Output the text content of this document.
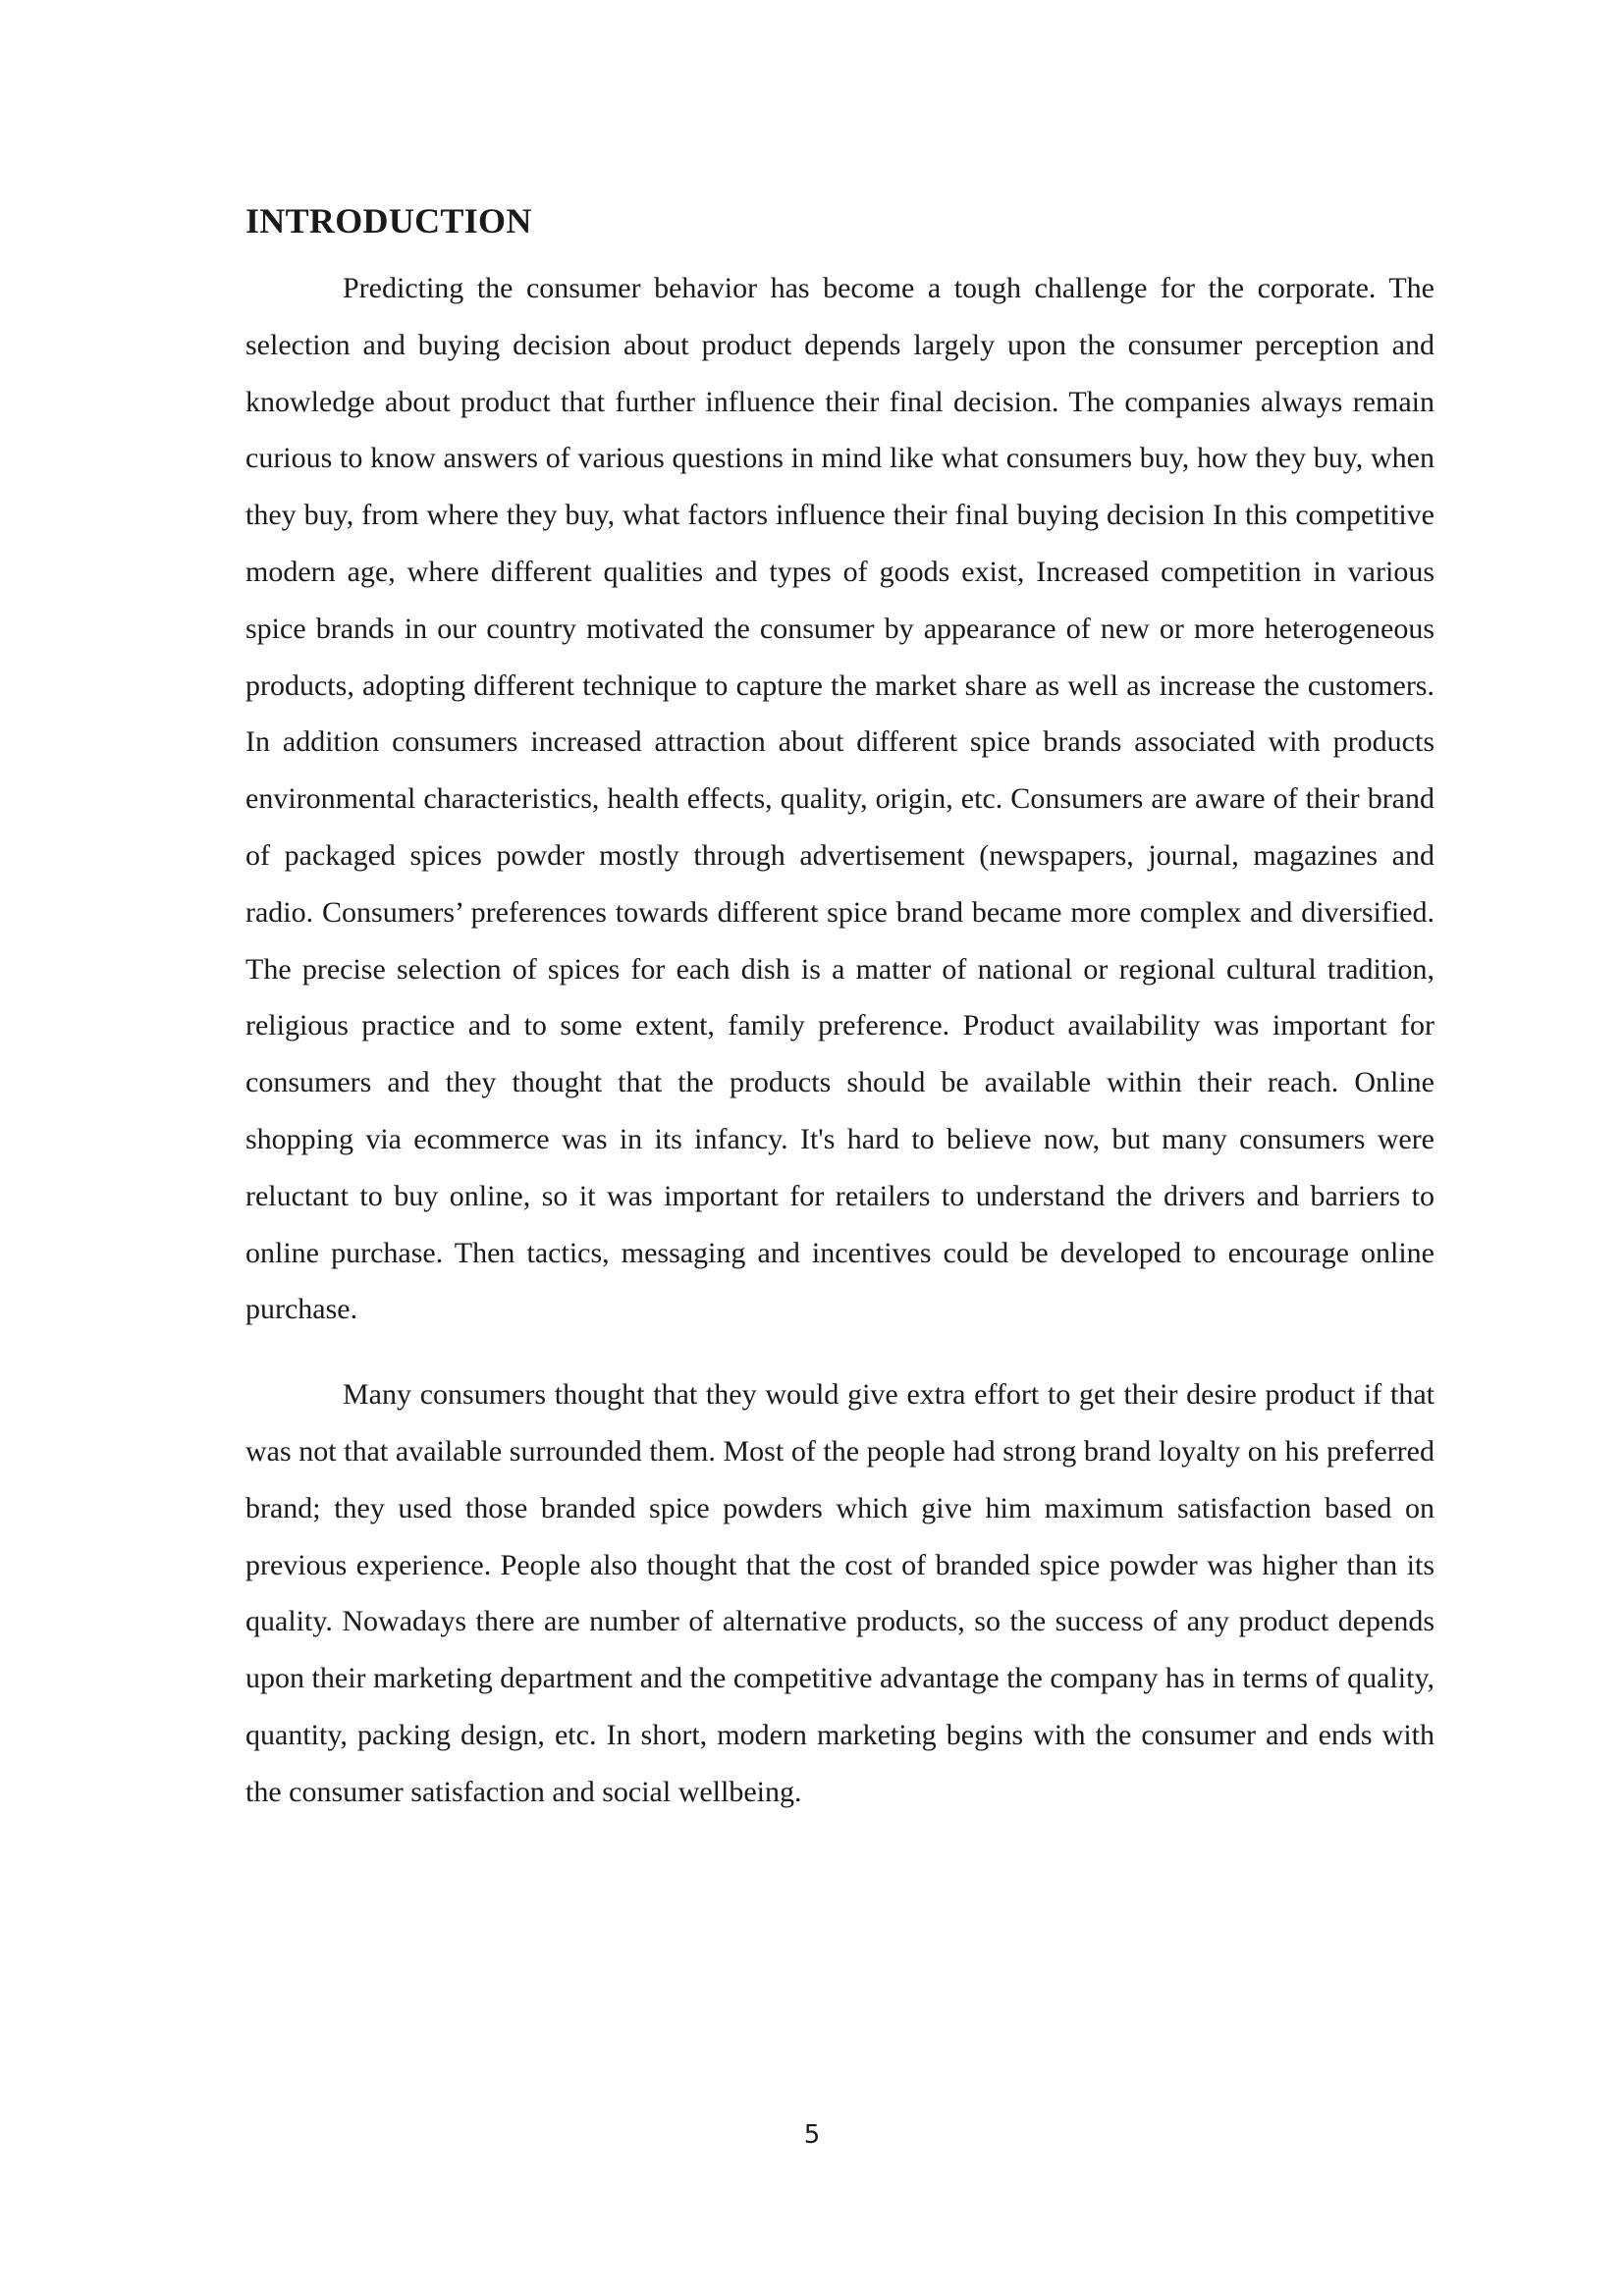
INTRODUCTION

Predicting the consumer behavior has become a tough challenge for the corporate. The selection and buying decision about product depends largely upon the consumer perception and knowledge about product that further influence their final decision. The companies always remain curious to know answers of various questions in mind like what consumers buy, how they buy, when they buy, from where they buy, what factors influence their final buying decision In this competitive modern age, where different qualities and types of goods exist, Increased competition in various spice brands in our country motivated the consumer by appearance of new or more heterogeneous products, adopting different technique to capture the market share as well as increase the customers. In addition consumers increased attraction about different spice brands associated with products environmental characteristics, health effects, quality, origin, etc. Consumers are aware of their brand of packaged spices powder mostly through advertisement (newspapers, journal, magazines and radio. Consumers’ preferences towards different spice brand became more complex and diversified. The precise selection of spices for each dish is a matter of national or regional cultural tradition, religious practice and to some extent, family preference. Product availability was important for consumers and they thought that the products should be available within their reach. Online shopping via ecommerce was in its infancy. It's hard to believe now, but many consumers were reluctant to buy online, so it was important for retailers to understand the drivers and barriers to online purchase. Then tactics, messaging and incentives could be developed to encourage online purchase.

Many consumers thought that they would give extra effort to get their desire product if that was not that available surrounded them. Most of the people had strong brand loyalty on his preferred brand; they used those branded spice powders which give him maximum satisfaction based on previous experience. People also thought that the cost of branded spice powder was higher than its quality. Nowadays there are number of alternative products, so the success of any product depends upon their marketing department and the competitive advantage the company has in terms of quality, quantity, packing design, etc. In short, modern marketing begins with the consumer and ends with the consumer satisfaction and social wellbeing.

5
